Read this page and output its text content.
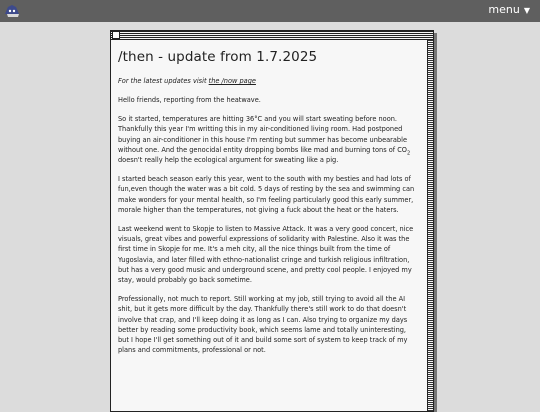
menu ▼
/then - update from 1.7.2025
For the latest updates visit the /now page

Hello friends, reporting from the heatwave.

So it started, temperatures are hitting 36°C and you will start sweating before noon. Thankfully this year I'm writting this in my air-conditioned living room. Had postponed buying an air-conditioner in this house I'm renting but summer has become unbearable without one. And the genocidal entity dropping bombs like mad and burning tons of $CO_2$ doesn't really help the ecological argument for sweating like a pig.

I started beach season early this year, went to the south with my besties and had lots of fun,even though the water was a bit cold. 5 days of resting by the sea and swimming can make wonders for your mental health, so I'm feeling particularly good this early summer, morale higher than the temperatures, not giving a fuck about the heat or the haters.

Last weekend went to Skopje to listen to Massive Attack. It was a very good concert, nice visuals, great vibes and powerful expressions of solidarity with Palestine. Also it was the first time in Skopje for me. It's a meh city, all the nice things built from the time of Yugoslavia, and later filled with ethno-nationalist cringe and turkish religious infiltration, but has a very good music and underground scene, and pretty cool people. I enjoyed my stay, would probably go back sometime.

Professionally, not much to report. Still working at my job, still trying to avoid all the AI shit, but it gets more difficult by the day. Thankfully there's still work to do that doesn't involve that crap, and I'll keep doing it as long as I can. Also trying to organize my days better by reading some productivity book, which seems lame and totally uninteresting, but I hope I'll get something out of it and build some sort of system to keep track of my plans and commitments, professional or not.
